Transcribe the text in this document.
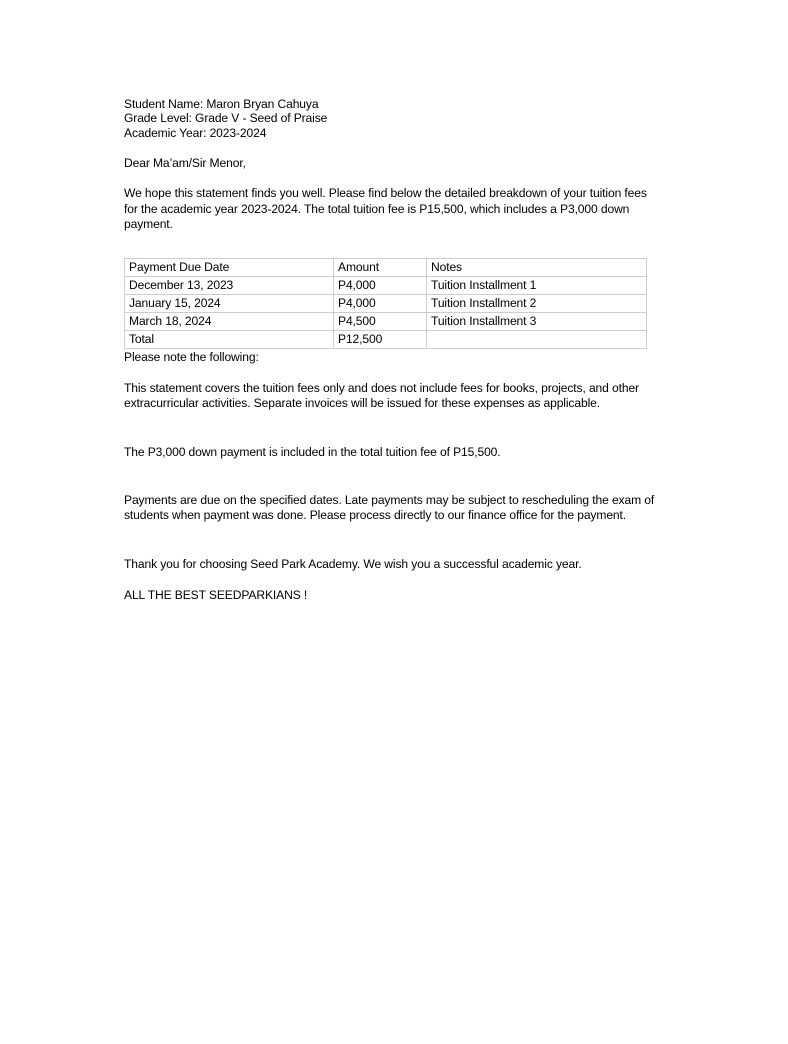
Student Name: Maron Bryan Cahuya
Grade Level: Grade V - Seed of Praise
Academic Year: 2023-2024
Dear Ma’am/Sir Menor,
We hope this statement finds you well. Please find below the detailed breakdown of your tuition fees for the academic year 2023-2024. The total tuition fee is P15,500, which includes a P3,000 down payment.
Payment Due Date	Amount	Notes
December 13, 2023	P4,000	Tuition Installment 1
January 15, 2024	P4,000	Tuition Installment 2
March 18, 2024	P4,500	Tuition Installment 3
Total	P12,500	
Please note the following:
This statement covers the tuition fees only and does not include fees for books, projects, and other extracurricular activities. Separate invoices will be issued for these expenses as applicable.
The P3,000 down payment is included in the total tuition fee of P15,500.
Payments are due on the specified dates. Late payments may be subject to rescheduling the exam of students when payment was done. Please process directly to our finance office for the payment.
Thank you for choosing Seed Park Academy. We wish you a successful academic year.
ALL THE BEST SEEDPARKIANS !
